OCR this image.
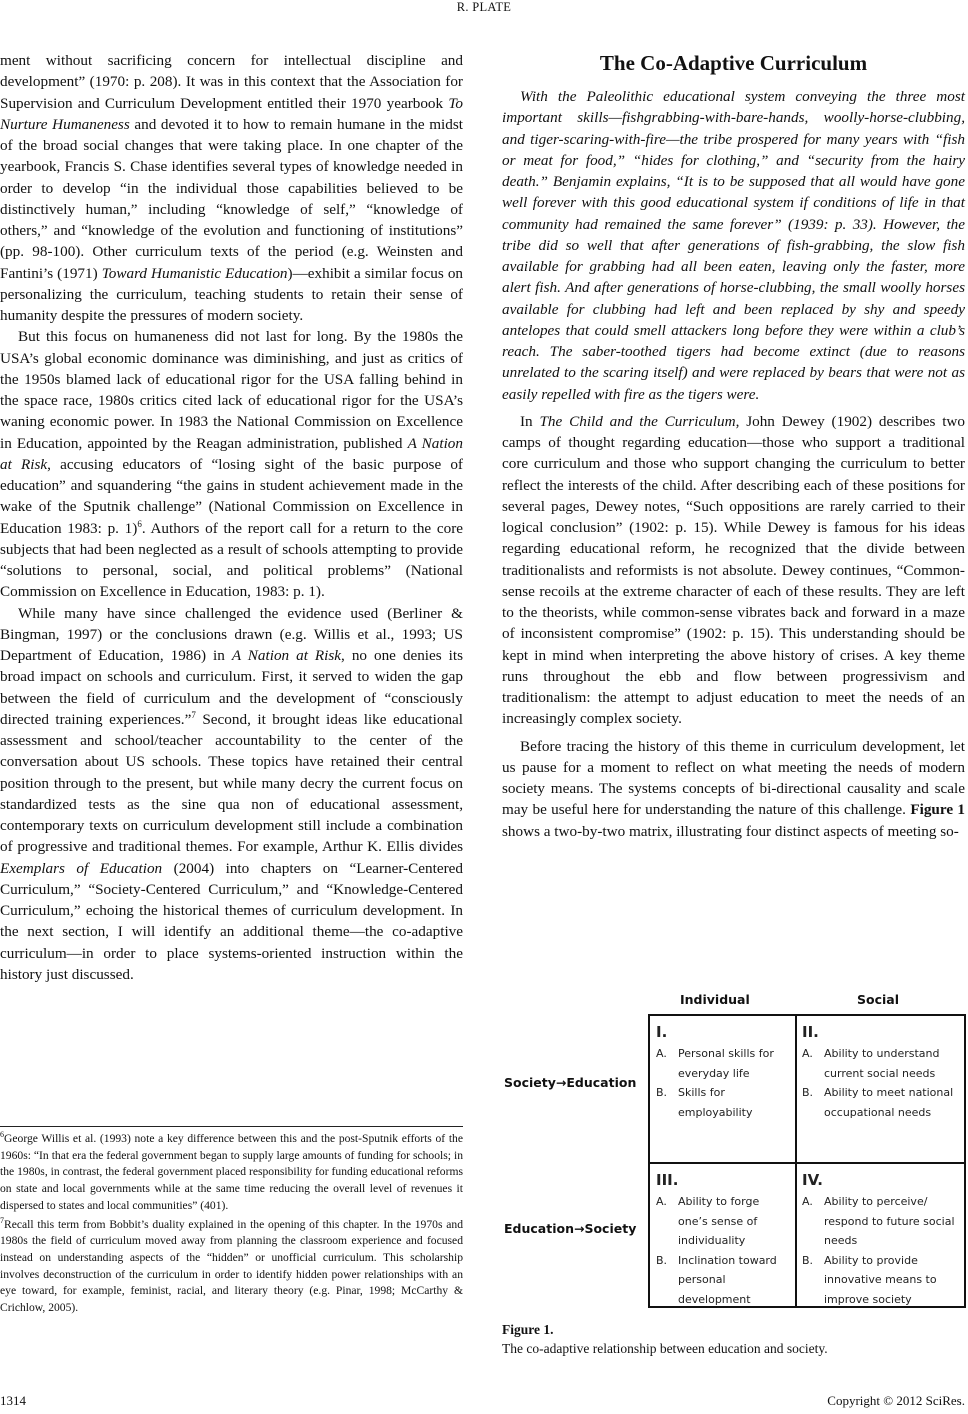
R. PLATE

ment without sacrificing concern for intellectual discipline and development” (1970: p. 208). It was in this context that the Association for Supervision and Curriculum Development entitled their 1970 yearbook To Nurture Humaneness and devoted it to how to remain humane in the midst of the broad social changes that were taking place. In one chapter of the yearbook, Francis S. Chase identifies several types of knowledge needed in order to develop “in the individual those capabilities believed to be distinctively human,” including “knowledge of self,” “knowledge of others,” and “knowledge of the evolution and functioning of institutions” (pp. 98-100). Other curriculum texts of the period (e.g. Weinsten and Fantini’s (1971) Toward Humanistic Education)—exhibit a similar focus on personalizing the curriculum, teaching students to retain their sense of humanity despite the pressures of modern society.

But this focus on humaneness did not last for long. By the 1980s the USA’s global economic dominance was diminishing, and just as critics of the 1950s blamed lack of educational rigor for the USA falling behind in the space race, 1980s critics cited lack of educational rigor for the USA’s waning economic power. In 1983 the National Commission on Excellence in Education, appointed by the Reagan administration, published A Nation at Risk, accusing educators of “losing sight of the basic purpose of education” and squandering “the gains in student achievement made in the wake of the Sputnik challenge” (National Commission on Excellence in Education 1983: p. 1)$^6$. Authors of the report call for a return to the core subjects that had been neglected as a result of schools attempting to provide “solutions to personal, social, and political problems” (National Commission on Excellence in Education, 1983: p. 1).

While many have since challenged the evidence used (Berliner & Bingman, 1997) or the conclusions drawn (e.g. Willis et al., 1993; US Department of Education, 1986) in A Nation at Risk, no one denies its broad impact on schools and curriculum. First, it served to widen the gap between the field of curriculum and the development of “consciously directed training experiences.”$^7$ Second, it brought ideas like educational assessment and school/teacher accountability to the center of the conversation about US schools. These topics have retained their central position through to the present, but while many decry the current focus on standardized tests as the sine qua non of educational assessment, contemporary texts on curriculum development still include a combination of progressive and traditional themes. For example, Arthur K. Ellis divides Exemplars of Education (2004) into chapters on “Learner-Centered Curriculum,” “Society-Centered Curriculum,” and “Knowledge-Centered Curriculum,” echoing the historical themes of curriculum development. In the next section, I will identify an additional theme—the co-adaptive curriculum—in order to place systems-oriented instruction within the history just discussed.

$^6$George Willis et al. (1993) note a key difference between this and the post-Sputnik efforts of the 1960s: “In that era the federal government began to supply large amounts of funding for schools; in the 1980s, in contrast, the federal government placed responsibility for funding educational reforms on state and local governments while at the same time reducing the overall level of revenues it dispersed to states and local communities” (401).

$^7$Recall this term from Bobbit’s duality explained in the opening of this chapter. In the 1970s and 1980s the field of curriculum moved away from planning the classroom experience and focused instead on understanding aspects of the “hidden” or unofficial curriculum. This scholarship involves deconstruction of the curriculum in order to identify hidden power relationships with an eye toward, for example, feminist, racial, and literary theory (e.g. Pinar, 1998; McCarthy & Crichlow, 2005).

The Co-Adaptive Curriculum

With the Paleolithic educational system conveying the three most important skills—fishgrabbing-with-bare-hands, woolly-horse-clubbing, and tiger-scaring-with-fire—the tribe prospered for many years with “fish or meat for food,” “hides for clothing,” and “security from the hairy death.” Benjamin explains, “It is to be supposed that all would have gone well forever with this good educational system if conditions of life in that community had remained the same forever” (1939: p. 33). However, the tribe did so well that after generations of fish-grabbing, the slow fish available for grabbing had all been eaten, leaving only the faster, more alert fish. And after generations of horse-clubbing, the small woolly horses available for clubbing had left and been replaced by shy and speedy antelopes that could smell attackers long before they were within a club’s reach. The saber-toothed tigers had become extinct (due to reasons unrelated to the scaring itself) and were replaced by bears that were not as easily repelled with fire as the tigers were.

In The Child and the Curriculum, John Dewey (1902) describes two camps of thought regarding education—those who support a traditional core curriculum and those who support changing the curriculum to better reflect the interests of the child. After describing each of these positions for several pages, Dewey notes, “Such oppositions are rarely carried to their logical conclusion” (1902: p. 15). While Dewey is famous for his ideas regarding educational reform, he recognized that the divide between traditionalists and reformists is not absolute. Dewey continues, “Common-sense recoils at the extreme character of each of these results. They are left to the theorists, while common-sense vibrates back and forward in a maze of inconsistent compromise” (1902: p. 15). This understanding should be kept in mind when interpreting the above history of crises. A key theme runs throughout the ebb and flow between progressivism and traditionalism: the attempt to adjust education to meet the needs of an increasingly complex society.

Before tracing the history of this theme in curriculum development, let us pause for a moment to reflect on what meeting the needs of modern society means. The systems concepts of bi-directional causality and scale may be useful here for understanding the nature of this challenge. Figure 1 shows a two-by-two matrix, illustrating four distinct aspects of meeting so-

Individual	Social
Society→Education
Education→Society
I.
A. Personal skills for everyday life
B. Skills for employability
II.
A. Ability to understand current social needs
B. Ability to meet national occupational needs
III.
A. Ability to forge one’s sense of individuality
B. Inclination toward personal development
IV.
A. Ability to perceive/ respond to future social needs
B. Ability to provide innovative means to improve society
Figure 1.
The co-adaptive relationship between education and society.
1314	Copyright © 2012 SciRes.
